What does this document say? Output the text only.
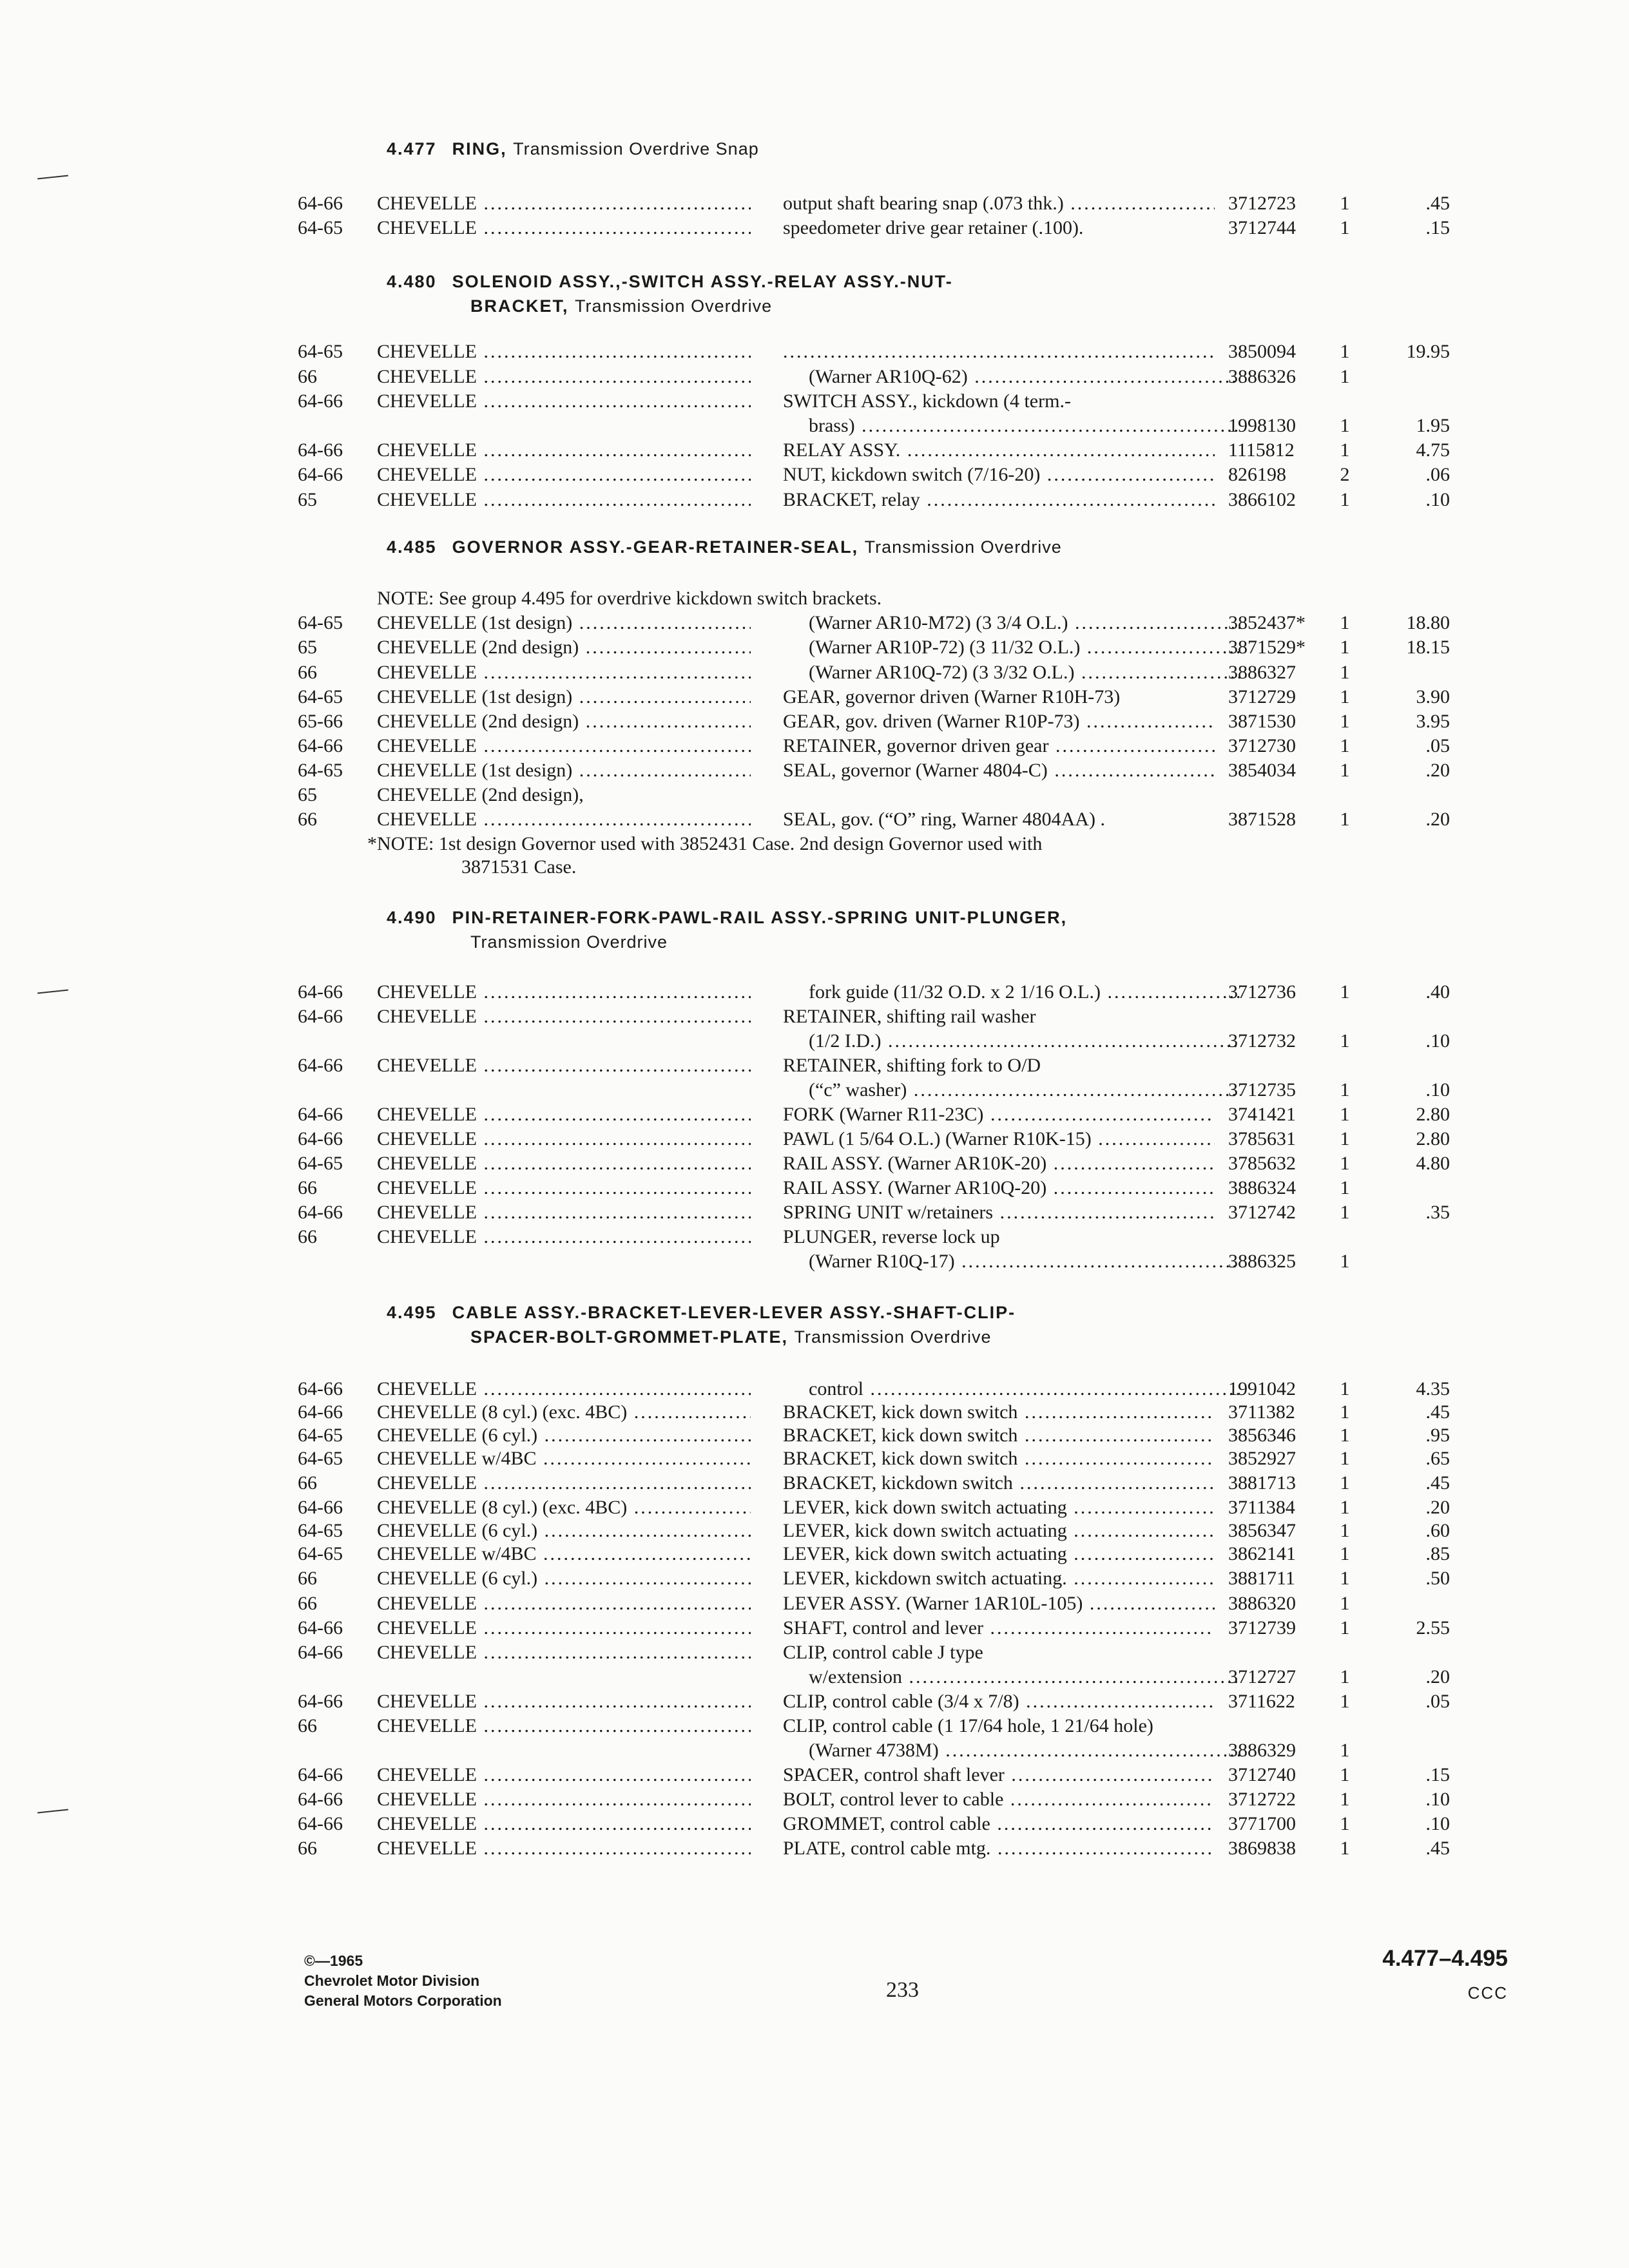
4.477 RING, Transmission Overdrive Snap
64-66 CHEVELLE .....	output shaft bearing snap (.073 thk.) .....	3712723 1	.45
64-65 CHEVELLE .....	speedometer drive gear retainer (.100).	3712744 1	.15
4.480 SOLENOID ASSY.,-SWITCH ASSY.-RELAY ASSY.-NUT-
BRACKET, Transmission Overdrive
64-65 CHEVELLE .....
.....	3850094 1	19.95
66	CHEVELLE .....	(Warner AR10Q-62) .....	3886326 1
64-66 CHEVELLE .....	SWITCH ASSY., kickdown (4 term.-
brass) .....	1998130 1	1.95
64-66 CHEVELLE .....	RELAY ASSY. .....	1115812 1	4.75
64-66 CHEVELLE .....	NUT, kickdown switch (7/16-20) .....	826198	2	.06
65	CHEVELLE .....	BRACKET, relay .....	3866102 1	.10
4.485 GOVERNOR ASSY.-GEAR-RETAINER-SEAL, Transmission Overdrive
NOTE: See group 4.495 for overdrive kickdown switch brackets.
64-65 CHEVELLE (1st design) .....	(Warner AR10-M72) (3 3/4 O.L.) .....	3852437* 1	18.80
65	CHEVELLE (2nd design) .....	(Warner AR10P-72) (3 11/32 O.L.) .....	3871529* 1	18.15
66	CHEVELLE .....	(Warner AR10Q-72) (3 3/32 O.L.) .....	3886327 1
64-65 CHEVELLE (1st design) .....	GEAR, governor driven (Warner R10H-73)	3712729 1	3.90
65-66 CHEVELLE (2nd design) .....	GEAR, gov. driven (Warner R10P-73) .....	3871530 1	3.95
64-66 CHEVELLE .....	RETAINER, governor driven gear .....	3712730 1	.05
64-65 CHEVELLE (1st design) .....	SEAL, governor (Warner 4804-C) .....	3854034 1	.20
65	CHEVELLE (2nd design),
66	CHEVELLE .....	SEAL, gov. (“O” ring, Warner 4804AA) .	3871528 1	.20
*NOTE: 1st design Governor used with 3852431 Case. 2nd design Governor used with
3871531 Case.
4.490 PIN-RETAINER-FORK-PAWL-RAIL ASSY.-SPRING UNIT-PLUNGER,
Transmission Overdrive
64-66 CHEVELLE .....	fork guide (11/32 O.D. x 2 1/16 O.L.) .....	3712736 1	.40
64-66 CHEVELLE .....	RETAINER, shifting rail washer
(1/2 I.D.) .....	3712732 1	.10
64-66 CHEVELLE .....	RETAINER, shifting fork to O/D
(“c” washer) .....	3712735 1	.10
64-66 CHEVELLE .....	FORK (Warner R11-23C) .....	3741421 1	2.80
64-66 CHEVELLE .....	PAWL (1 5/64 O.L.) (Warner R10K-15) .....	3785631 1	2.80
64-65 CHEVELLE .....	RAIL ASSY. (Warner AR10K-20) .....	3785632 1	4.80
66	CHEVELLE .....	RAIL ASSY. (Warner AR10Q-20) .....	3886324 1
64-66 CHEVELLE .....	SPRING UNIT w/retainers .....	3712742 1	.35
66	CHEVELLE .....	PLUNGER, reverse lock up
(Warner R10Q-17) .....	3886325 1
4.495 CABLE ASSY.-BRACKET-LEVER-LEVER ASSY.-SHAFT-CLIP-
SPACER-BOLT-GROMMET-PLATE, Transmission Overdrive
64-66 CHEVELLE .....	control .....	1991042 1	4.35
64-66 CHEVELLE (8 cyl.) (exc. 4BC) .....	BRACKET, kick down switch .....	3711382 1	.45
64-65 CHEVELLE (6 cyl.) .....	BRACKET, kick down switch .....	3856346 1	.95
64-65 CHEVELLE w/4BC .....	BRACKET, kick down switch .....	3852927 1	.65
66	CHEVELLE .....	BRACKET, kickdown switch .....	3881713 1	.45
64-66 CHEVELLE (8 cyl.) (exc. 4BC) .....	LEVER, kick down switch actuating .....	3711384 1	.20
64-65 CHEVELLE (6 cyl.) .....	LEVER, kick down switch actuating .....	3856347 1	.60
64-65 CHEVELLE w/4BC .....	LEVER, kick down switch actuating .....	3862141 1	.85
66	CHEVELLE (6 cyl.) .....	LEVER, kickdown switch actuating. .....	3881711 1	.50
66	CHEVELLE .....	LEVER ASSY. (Warner 1AR10L-105) .....	3886320 1
64-66 CHEVELLE .....	SHAFT, control and lever .....	3712739 1	2.55
64-66 CHEVELLE .....	CLIP, control cable J type
w/extension .....	3712727 1	.20
64-66 CHEVELLE .....	CLIP, control cable (3/4 x 7/8) .....	3711622 1	.05
66	CHEVELLE .....	CLIP, control cable (1 17/64 hole, 1 21/64 hole)
(Warner 4738M) .....	3886329 1
64-66 CHEVELLE .....	SPACER, control shaft lever .....	3712740 1	.15
64-66 CHEVELLE .....	BOLT, control lever to cable .....	3712722 1	.10
64-66 CHEVELLE .....	GROMMET, control cable .....	3771700 1	.10
66	CHEVELLE .....	PLATE, control cable mtg. .....	3869838 1	.45
©—1965
Chevrolet Motor Division
General Motors Corporation	233
4.477–4.495
CCC
